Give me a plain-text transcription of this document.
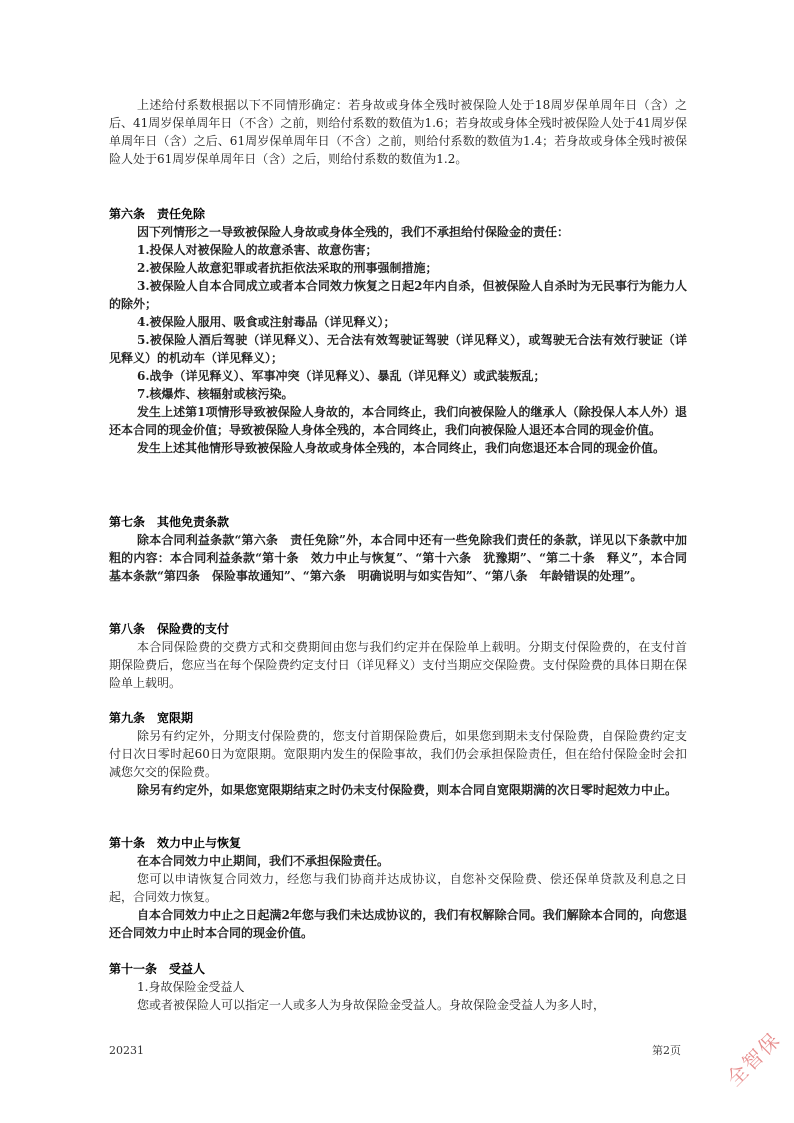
上述给付系数根据以下不同情形确定：若身故或身体全残时被保险人处于18周岁保单周年日（含）之后、41周岁保单周年日（不含）之前，则给付系数的数值为1.6；若身故或身体全残时被保险人处于41周岁保单周年日（含）之后、61周岁保单周年日（不含）之前，则给付系数的数值为1.4；若身故或身体全残时被保险人处于61周岁保单周年日（含）之后，则给付系数的数值为1.2。

第六条　责任免除

因下列情形之一导致被保险人身故或身体全残的，我们不承担给付保险金的责任：

1.投保人对被保险人的故意杀害、故意伤害；

2.被保险人故意犯罪或者抗拒依法采取的刑事强制措施；

3.被保险人自本合同成立或者本合同效力恢复之日起2年内自杀，但被保险人自杀时为无民事行为能力人的除外；

4.被保险人服用、吸食或注射毒品（详见释义）；

5.被保险人酒后驾驶（详见释义）、无合法有效驾驶证驾驶（详见释义），或驾驶无合法有效行驶证（详见释义）的机动车（详见释义）；

6.战争（详见释义）、军事冲突（详见释义）、暴乱（详见释义）或武装叛乱；

7.核爆炸、核辐射或核污染。

发生上述第1项情形导致被保险人身故的，本合同终止，我们向被保险人的继承人（除投保人本人外）退还本合同的现金价值；导致被保险人身体全残的，本合同终止，我们向被保险人退还本合同的现金价值。

发生上述其他情形导致被保险人身故或身体全残的，本合同终止，我们向您退还本合同的现金价值。

第七条　其他免责条款

除本合同利益条款“第六条　责任免除”外，本合同中还有一些免除我们责任的条款，详见以下条款中加粗的内容：本合同利益条款“第十条　效力中止与恢复”、“第十六条　犹豫期”、“第二十条　释义”，本合同基本条款“第四条　保险事故通知”、“第六条　明确说明与如实告知”、“第八条　年龄错误的处理”。

第八条　保险费的支付

本合同保险费的交费方式和交费期间由您与我们约定并在保险单上载明。分期支付保险费的，在支付首期保险费后，您应当在每个保险费约定支付日（详见释义）支付当期应交保险费。支付保险费的具体日期在保险单上载明。

第九条　宽限期

除另有约定外，分期支付保险费的，您支付首期保险费后，如果您到期未支付保险费，自保险费约定支付日次日零时起60日为宽限期。宽限期内发生的保险事故，我们仍会承担保险责任，但在给付保险金时会扣减您欠交的保险费。

除另有约定外，如果您宽限期结束之时仍未支付保险费，则本合同自宽限期满的次日零时起效力中止。

第十条　效力中止与恢复

在本合同效力中止期间，我们不承担保险责任。

您可以申请恢复合同效力，经您与我们协商并达成协议，自您补交保险费、偿还保单贷款及利息之日起，合同效力恢复。

自本合同效力中止之日起满2年您与我们未达成协议的，我们有权解除合同。我们解除本合同的，向您退还合同效力中止时本合同的现金价值。

第十一条　受益人

1.身故保险金受益人

您或者被保险人可以指定一人或多人为身故保险金受益人。身故保险金受益人为多人时，

20231	第2页 全智保
